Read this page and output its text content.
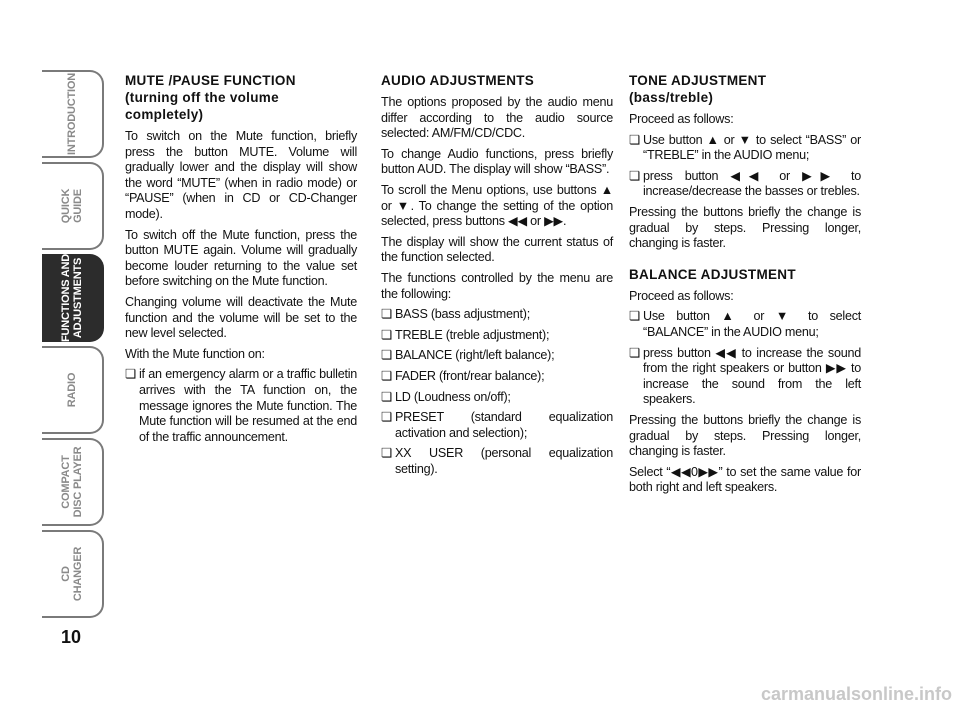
INTRODUCTION
QUICK
GUIDE
FUNCTIONS AND
ADJUSTMENTS
RADIO
COMPACT
DISC PLAYER
CD
CHANGER
10
MUTE /PAUSE FUNCTION
(turning off the volume
completely)

To switch on the Mute function, briefly press the button MUTE. Volume will gradually lower and the display will show the word “MUTE” (when in radio mode) or “PAUSE” (when in CD or CD-Changer mode).

To switch off the Mute function, press the button MUTE again. Volume will gradually become louder returning to the value set before switching on the Mute function.

Changing volume will deactivate the Mute function and the volume will be set to the new level selected.

With the Mute function on:

❏ if an emergency alarm or a traffic bulletin arrives with the TA function on, the message ignores the Mute function. The Mute function will be resumed at the end of the traffic announcement.
AUDIO ADJUSTMENTS

The options proposed by the audio menu differ according to the audio source selected: AM/FM/CD/CDC.

To change Audio functions, press briefly button AUD. The display will show “BASS”.

To scroll the Menu options, use buttons ▲ or ▼. To change the setting of the option selected, press buttons ◀◀ or ▶▶.

The display will show the current status of the function selected.

The functions controlled by the menu are the following:

❏ BASS (bass adjustment);
❏ TREBLE (treble adjustment);
❏ BALANCE (right/left balance);
❏ FADER (front/rear balance);
❏ LD (Loudness on/off);
❏ PRESET (standard equalization activation and selection);
❏ XX USER (personal equalization setting).
TONE ADJUSTMENT
(bass/treble)

Proceed as follows:

❏ Use button ▲ or ▼ to select “BASS” or “TREBLE” in the AUDIO menu;
❏ press button ◀◀ or ▶▶ to increase/decrease the basses or trebles.

Pressing the buttons briefly the change is gradual by steps. Pressing longer, changing is faster.

BALANCE ADJUSTMENT

Proceed as follows:

❏ Use button ▲ or ▼ to select “BALANCE” in the AUDIO menu;
❏ press button ◀◀ to increase the sound from the right speakers or button ▶▶ to increase the sound from the left speakers.

Pressing the buttons briefly the change is gradual by steps. Pressing longer, changing is faster.

Select “◀◀0▶▶” to set the same value for both right and left speakers.

carmanualsonline.info
